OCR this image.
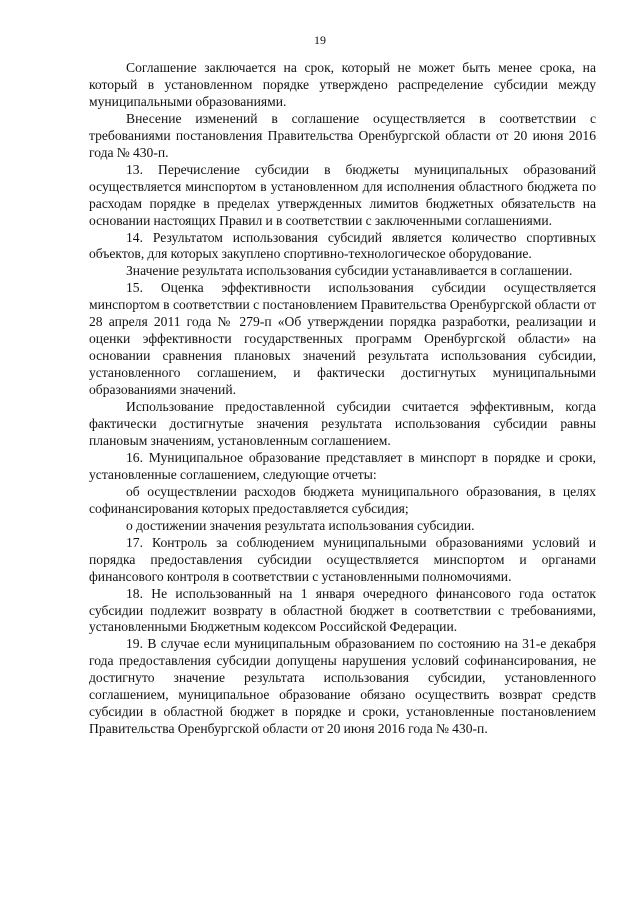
19

Соглашение заключается на срок, который не может быть менее срока, на который в установленном порядке утверждено распределение субсидии между муниципальными образованиями.

Внесение изменений в соглашение осуществляется в соответствии с требованиями постановления Правительства Оренбургской области от 20 июня 2016 года № 430-п.

13. Перечисление субсидии в бюджеты муниципальных образований осуществляется минспортом в установленном для исполнения областного бюджета по расходам порядке в пределах утвержденных лимитов бюджетных обязательств на основании настоящих Правил и в соответствии с заключенными соглашениями.

14. Результатом использования субсидий является количество спортивных объектов, для которых закуплено спортивно-технологическое оборудование.

Значение результата использования субсидии устанавливается в соглашении.

15. Оценка эффективности использования субсидии осуществляется минспортом в соответствии с постановлением Правительства Оренбургской области от 28 апреля 2011 года № 279-п «Об утверждении порядка разработки, реализации и оценки эффективности государственных программ Оренбургской области» на основании сравнения плановых значений результата использования субсидии, установленного соглашением, и фактически достигнутых муниципальными образованиями значений.

Использование предоставленной субсидии считается эффективным, когда фактически достигнутые значения результата использования субсидии равны плановым значениям, установленным соглашением.

16. Муниципальное образование представляет в минспорт в порядке и сроки, установленные соглашением, следующие отчеты:

об осуществлении расходов бюджета муниципального образования, в целях софинансирования которых предоставляется субсидия;

о достижении значения результата использования субсидии.

17. Контроль за соблюдением муниципальными образованиями условий и порядка предоставления субсидии осуществляется минспортом и органами финансового контроля в соответствии с установленными полномочиями.

18. Не использованный на 1 января очередного финансового года остаток субсидии подлежит возврату в областной бюджет в соответствии с требованиями, установленными Бюджетным кодексом Российской Федерации.

19. В случае если муниципальным образованием по состоянию на 31-е декабря года предоставления субсидии допущены нарушения условий софинансирования, не достигнуто значение результата использования субсидии, установленного соглашением, муниципальное образование обязано осуществить возврат средств субсидии в областной бюджет в порядке и сроки, установленные постановлением Правительства Оренбургской области от 20 июня 2016 года № 430-п.
